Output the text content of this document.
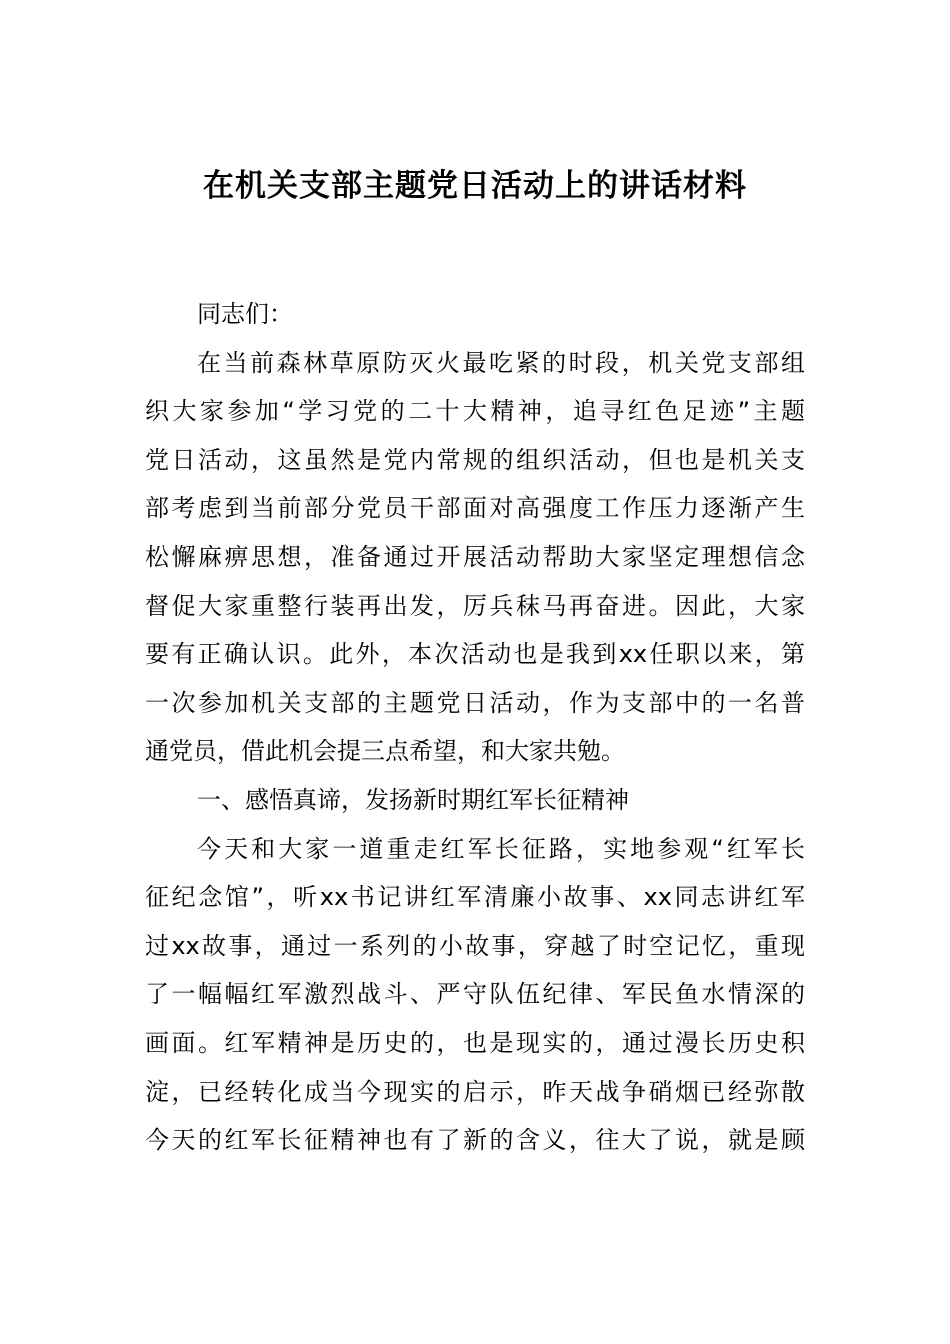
在机关支部主题党日活动上的讲话材料
同志们：
在当前森林草原防灭火最吃紧的时段，机关党支部组
织大家参加“学习党的二十大精神，追寻红色足迹”主题
党日活动，这虽然是党内常规的组织活动，但也是机关支
部考虑到当前部分党员干部面对高强度工作压力逐渐产生
松懈麻痹思想，准备通过开展活动帮助大家坚定理想信念
督促大家重整行装再出发，厉兵秣马再奋进。因此，大家
要有正确认识。此外，本次活动也是我到xx任职以来，第
一次参加机关支部的主题党日活动，作为支部中的一名普
通党员，借此机会提三点希望，和大家共勉。
一、感悟真谛，发扬新时期红军长征精神
今天和大家一道重走红军长征路，实地参观“红军长
征纪念馆”，听xx书记讲红军清廉小故事、xx同志讲红军
过xx故事，通过一系列的小故事，穿越了时空记忆，重现
了一幅幅红军激烈战斗、严守队伍纪律、军民鱼水情深的
画面。红军精神是历史的，也是现实的，通过漫长历史积
淀，已经转化成当今现实的启示，昨天战争硝烟已经弥散
今天的红军长征精神也有了新的含义，往大了说，就是顾
